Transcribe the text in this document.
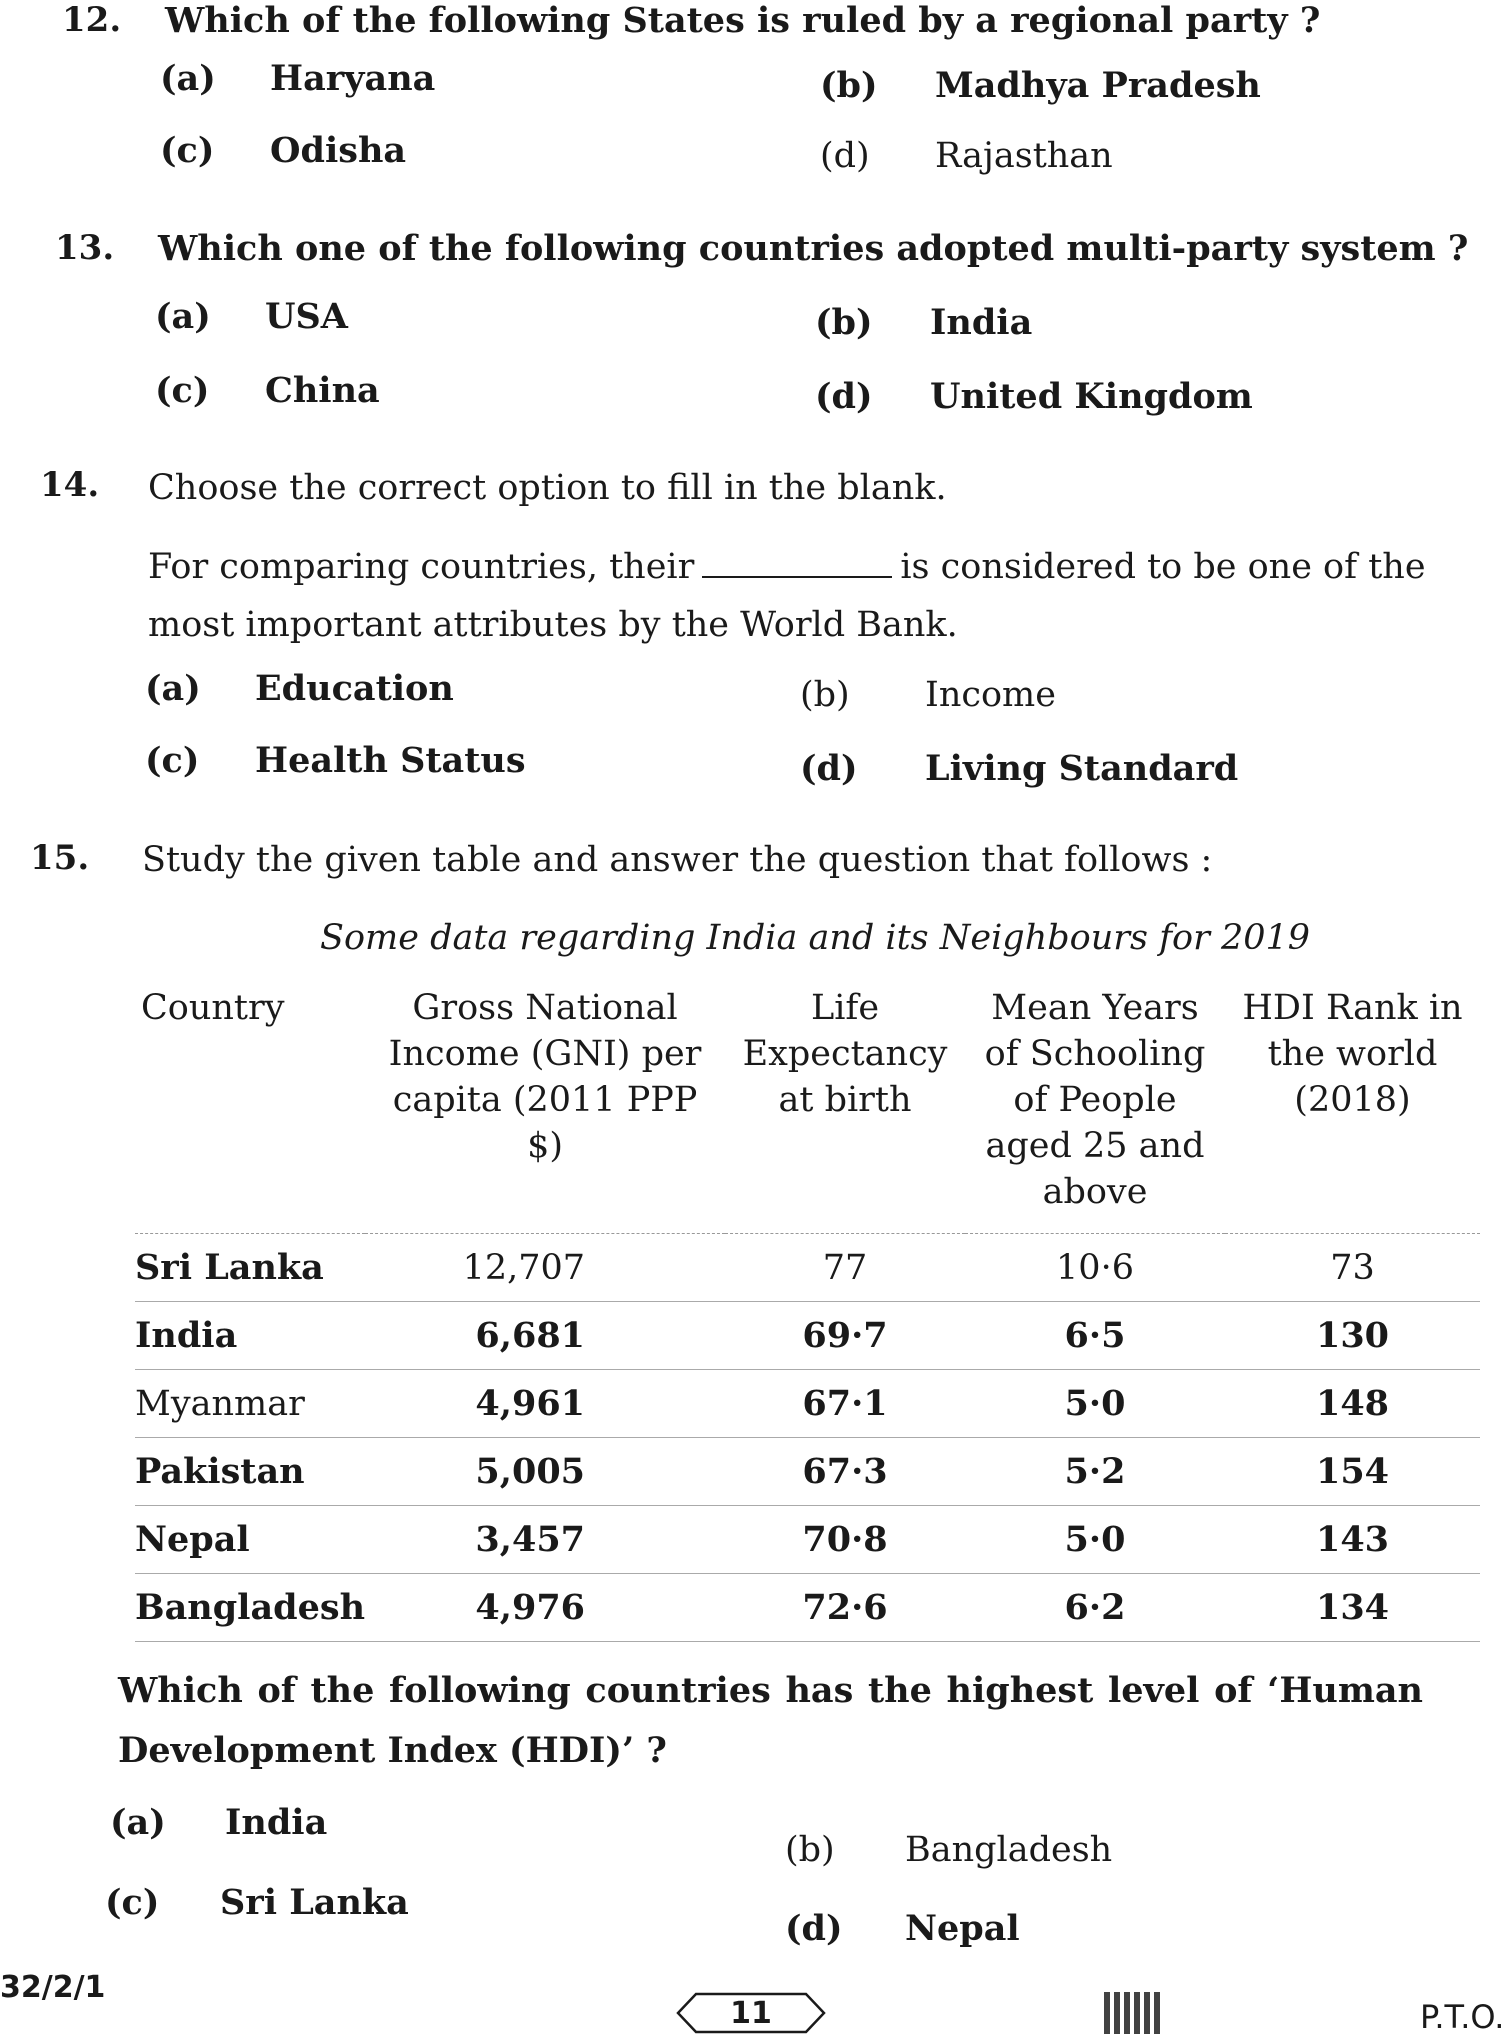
12. Which of the following States is ruled by a regional party ?
(a) Haryana	(b) Madhya Pradesh
(c) Odisha	(d) Rajasthan
13. Which one of the following countries adopted multi-party system ?
(a) USA	(b) India
(c) China	(d) United Kingdom
14. Choose the correct option to fill in the blank.
For comparing countries, their	is considered to be one of the most important attributes by the World Bank.
(a) Education	(b) Income
(c) Health Status	(d) Living Standard
15. Study the given table and answer the question that follows :
Some data regarding India and its Neighbours for 2019
Country	Gross National Income (GNI) per capita (2011 PPP $)	Life Expectancy at birth	Mean Years of Schooling of People aged 25 and above	HDI Rank in the world (2018)
Sri Lanka	12,707	77	10·6	73
India	6,681	69·7	6·5	130
Myanmar	4,961	67·1	5·0	148
Pakistan	5,005	67·3	5·2	154
Nepal	3,457	70·8	5·0	143
Bangladesh	4,976	72·6	6·2	134
Which of the following countries has the highest level of ‘Human
Development Index (HDI)’ ?
(a) India
(b) Bangladesh
(c) Sri Lanka
(d) Nepal
32/2/1
11	P.T.O.
